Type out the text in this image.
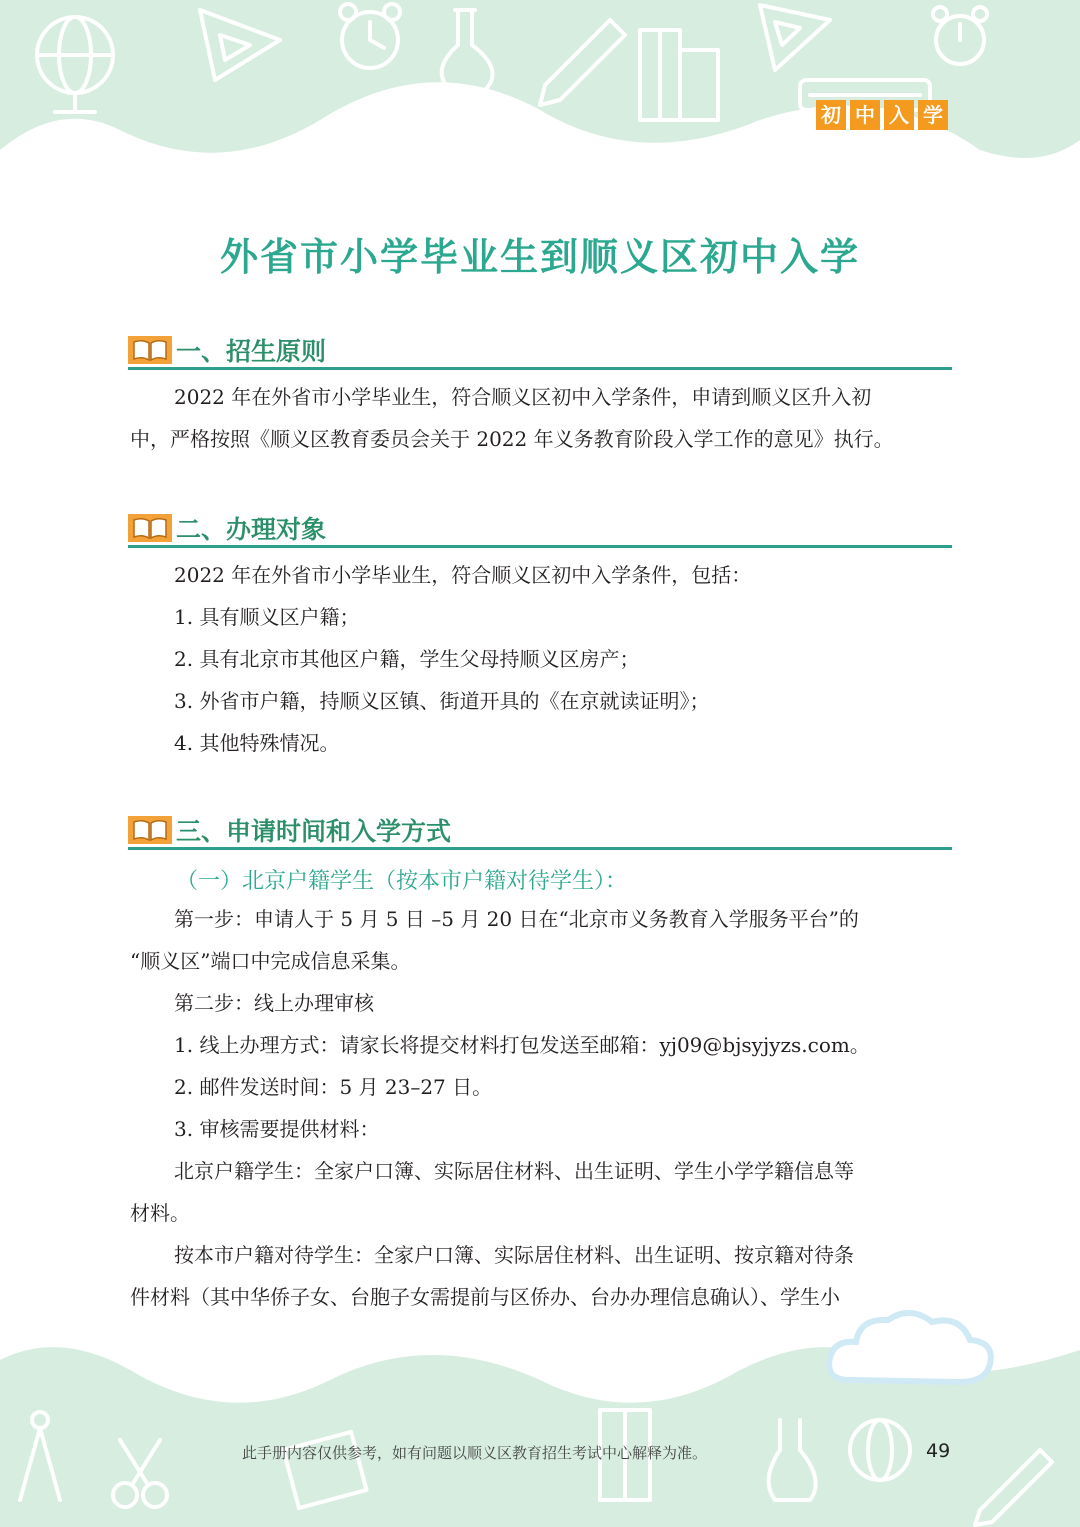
初 中 入 学
外省市小学毕业生到顺义区初中入学
一、招生原则
2022 年在外省市小学毕业生，符合顺义区初中入学条件，申请到顺义区升入初
中，严格按照《顺义区教育委员会关于 2022 年义务教育阶段入学工作的意见》执行。
二、办理对象
2022 年在外省市小学毕业生，符合顺义区初中入学条件，包括：
1. 具有顺义区户籍；
2. 具有北京市其他区户籍，学生父母持顺义区房产；
3. 外省市户籍，持顺义区镇、街道开具的《在京就读证明》；
4. 其他特殊情况。
三、申请时间和入学方式
（一）北京户籍学生（按本市户籍对待学生）：
第一步：申请人于 5 月 5 日 –5 月 20 日在“北京市义务教育入学服务平台”的
“顺义区”端口中完成信息采集。
第二步：线上办理审核
1. 线上办理方式：请家长将提交材料打包发送至邮箱：yj09@bjsyjyzs.com。
2. 邮件发送时间：5 月 23–27 日。
3. 审核需要提供材料：
北京户籍学生：全家户口簿、实际居住材料、出生证明、学生小学学籍信息等
材料。
按本市户籍对待学生：全家户口簿、实际居住材料、出生证明、按京籍对待条
件材料（其中华侨子女、台胞子女需提前与区侨办、台办办理信息确认）、学生小
此手册内容仅供参考，如有问题以顺义区教育招生考试中心解释为准。	49
